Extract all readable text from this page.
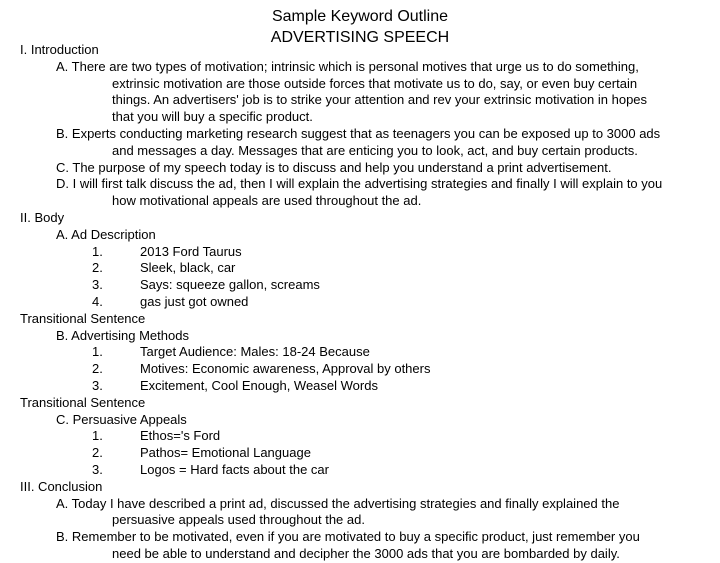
Sample Keyword Outline
ADVERTISING SPEECH
I. Introduction
A. There are two types of motivation; intrinsic which is personal motives that urge us to do something,
extrinsic motivation are those outside forces that motivate us to do, say, or even buy certain
things. An advertisers' job is to strike your attention and rev your extrinsic motivation in hopes
that you will buy a specific product.
B. Experts conducting marketing research suggest that as teenagers you can be exposed up to 3000 ads
and messages a day. Messages that are enticing you to look, act, and buy certain products.
C. The purpose of my speech today is to discuss and help you understand a print advertisement.
D. I will first talk discuss the ad, then I will explain the advertising strategies and finally I will explain to you
how motivational appeals are used throughout the ad.
II. Body
A. Ad Description
1.	2013 Ford Taurus
2.	Sleek, black, car
3.	Says: squeeze gallon, screams
4.	gas just got owned
Transitional Sentence
B. Advertising Methods
1.	Target Audience: Males: 18-24 Because
2.	Motives: Economic awareness, Approval by others
3.	Excitement, Cool Enough, Weasel Words
Transitional Sentence
C. Persuasive Appeals
1.	Ethos='s Ford
2.	Pathos= Emotional Language
3.	Logos = Hard facts about the car
III. Conclusion
A. Today I have described a print ad, discussed the advertising strategies and finally explained the
persuasive appeals used throughout the ad.
B. Remember to be motivated, even if you are motivated to buy a specific product, just remember you
need be able to understand and decipher the 3000 ads that you are bombarded by daily.
